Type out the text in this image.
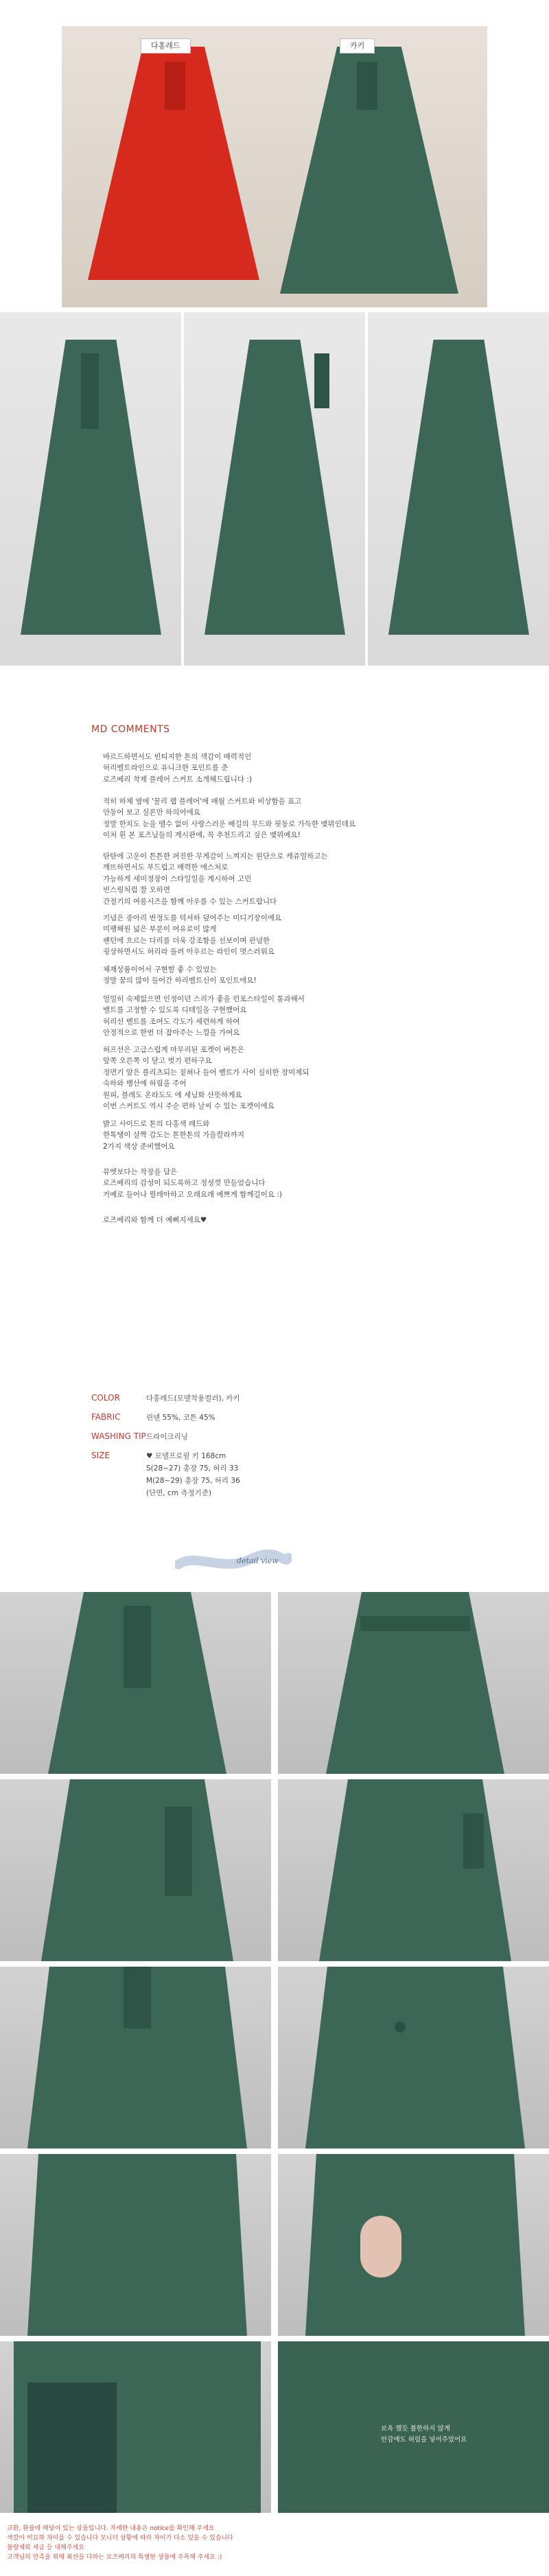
다홍레드	카키
MD COMMENTS
바르드하면서도 빈티지한 톤의 색감이 매력적인
허리벨트라인으로 유니크한 포인트를 준
로즈베리 착제 플레어 스커트 소개해드립니다 :)
적히 하체 옆에 '꿀리 랩 플레어'에 매월 스커트와 비상함을 표고
안동어 보고 실론만 하의어에요
정말 한치도 눈을 뗄수 없이 사랑스러운 배길의 무드와 핏동로 가득한 맺뮈인데요
이처 흰 본 포즈님들의 게시판에, 꼭 추천드리고 싶은 맺뮈예요!
탄탄에 고운이 튼튼한 퍼진한 무게감이 느껴지는 원단으로 캐쥬얼하고는
깨뜨하면서도 부드럽고 매력한 에스처로
가능하게 세미정장이 스타일일을 게시하여 고민
빈스링처럼 잘 오하면
간절기의 여름시즈을 함께 아우를 수 있는 스커트랍니다
기념은 종아리 반정도를 덕셔하 덮어주는 미디기장이에요
미팽해원 넓은 부분이 여유로이 많게
팬턴에 흐르는 다리를 더욱 강조함을 선보이며 관념한
굉상하면서도 허리라 돌려 아우르는 라인이 멋스러워요
체재상품이어서 구현할 좋 수 있었는
정말 꿈의 많이 들어간 하리벨트신이 포인트에요!
얼밀히 숙제없으면 인정이던 스리가 좋을 런포스타일이 통과해서
밸트를 고정할 수 있도록 디테일을 구현했어요
허리선 벨트를 조여도 각도가 세련하게 하여
안정적으로 한번 더 잡아주는 느낌을 가여요
허프선은 고급스럽게 마무리된 포켓이 버튼은
앞쪽 오른쪽 이 달고 벗기 편하구요
정면기 앞은 플리츠되는 짙혀나 들어 벨트가 사이 실히한 장미제되
숙하와 뱅산에 허림을 주어
원피, 블레도 온라도도 에 세님화 산뜻하게요
이번 스커트도 역시 주순 편하 날씨 수 있는 포켓이에요
밝고 사이드로 톤의 다홍색 레드와
한톡탱이 살짝 감도는 톤한톤의 가을칼라까지
2가지 색상 준비했어요
뮤엣보다는 착장을 담은
로즈베리의 감성이 되도록하고 정성껏 만들었습니다
거예로 들어나 릴레아하고 오래요래 예쁘게 함께길이요 :)
로즈베리와 함께 더 예뻐지세요♥
COLOR	다홍레드(모델착용컬러), 카키
FABRIC	린넨 55%, 코튼 45%
WASHING TIP 드라이크리닝
SIZE	♥ 모델프로필 키 168cm
S(28~27) 총장 75, 허리 33
M(28~29) 총장 75, 허리 36
(단면, cm 측정기준)
detail view
보옥 했듯 볼한하지 않게
안감에도 허림을 넣어주었어요
교환, 환불에 해당이 있는 상품입니다. 자세한 내용은 notice를 확인해 주세요
색깔이 미묘하 차이를 수 있습니다 모니터 상황에 따라 차이가 다소 있을 수 있습니다
불량제외 세금 등 대해주세요
고객님의 만족을 위해 최선을 다하는 로즈베리의 특별한 상품에 주목해 주세요 :)
